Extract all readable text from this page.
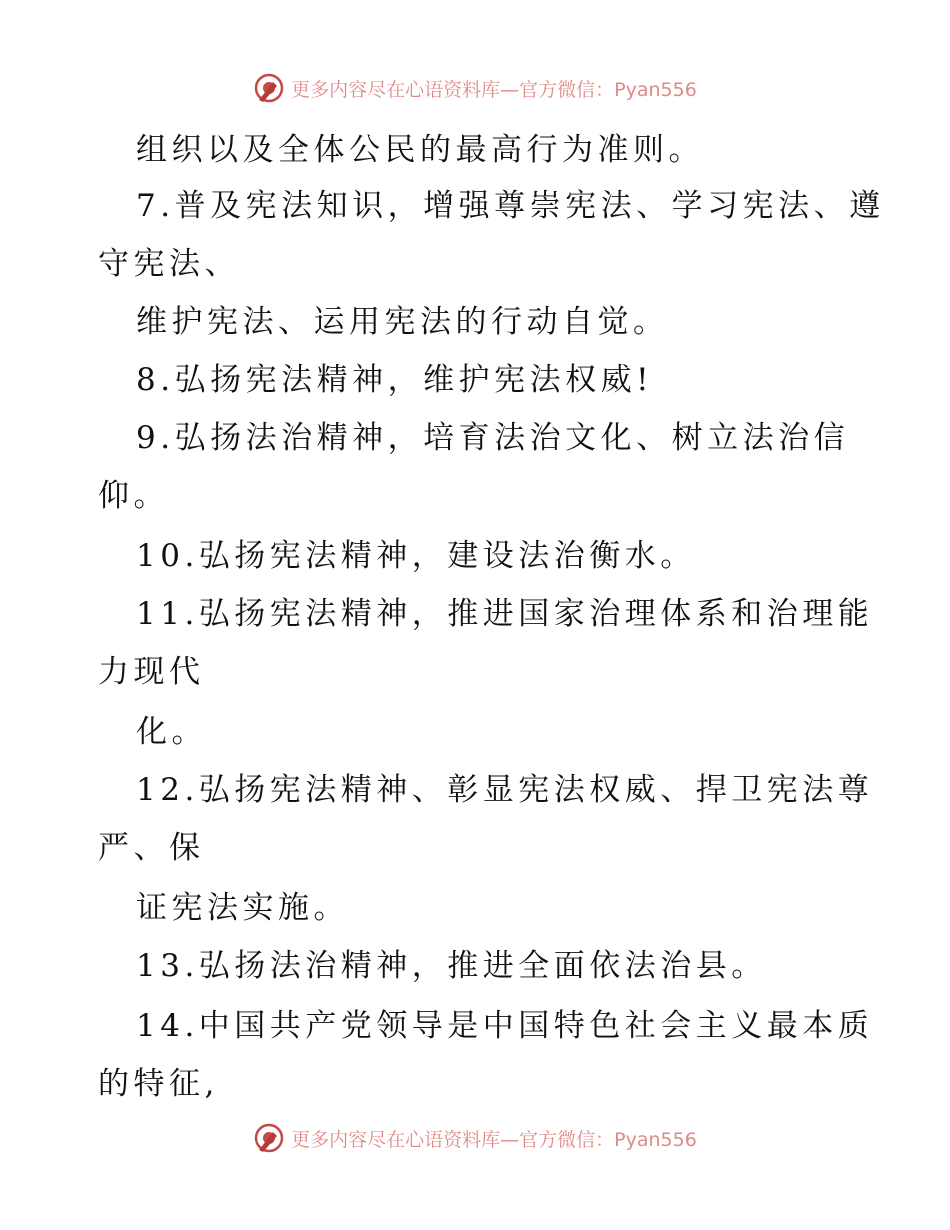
更多内容尽在心语资料库—官方微信：Pyan556
组织以及全体公民的最高行为准则。
7.普及宪法知识，增强尊崇宪法、学习宪法、遵
守宪法、
维护宪法、运用宪法的行动自觉。
8.弘扬宪法精神，维护宪法权威!
9.弘扬法治精神，培育法治文化、树立法治信
仰。
10.弘扬宪法精神，建设法治衡水。
11.弘扬宪法精神，推进国家治理体系和治理能
力现代
化。
12.弘扬宪法精神、彰显宪法权威、捍卫宪法尊
严、保
证宪法实施。
13.弘扬法治精神，推进全面依法治县。
14.中国共产党领导是中国特色社会主义最本质
的特征,
更多内容尽在心语资料库—官方微信：Pyan556
